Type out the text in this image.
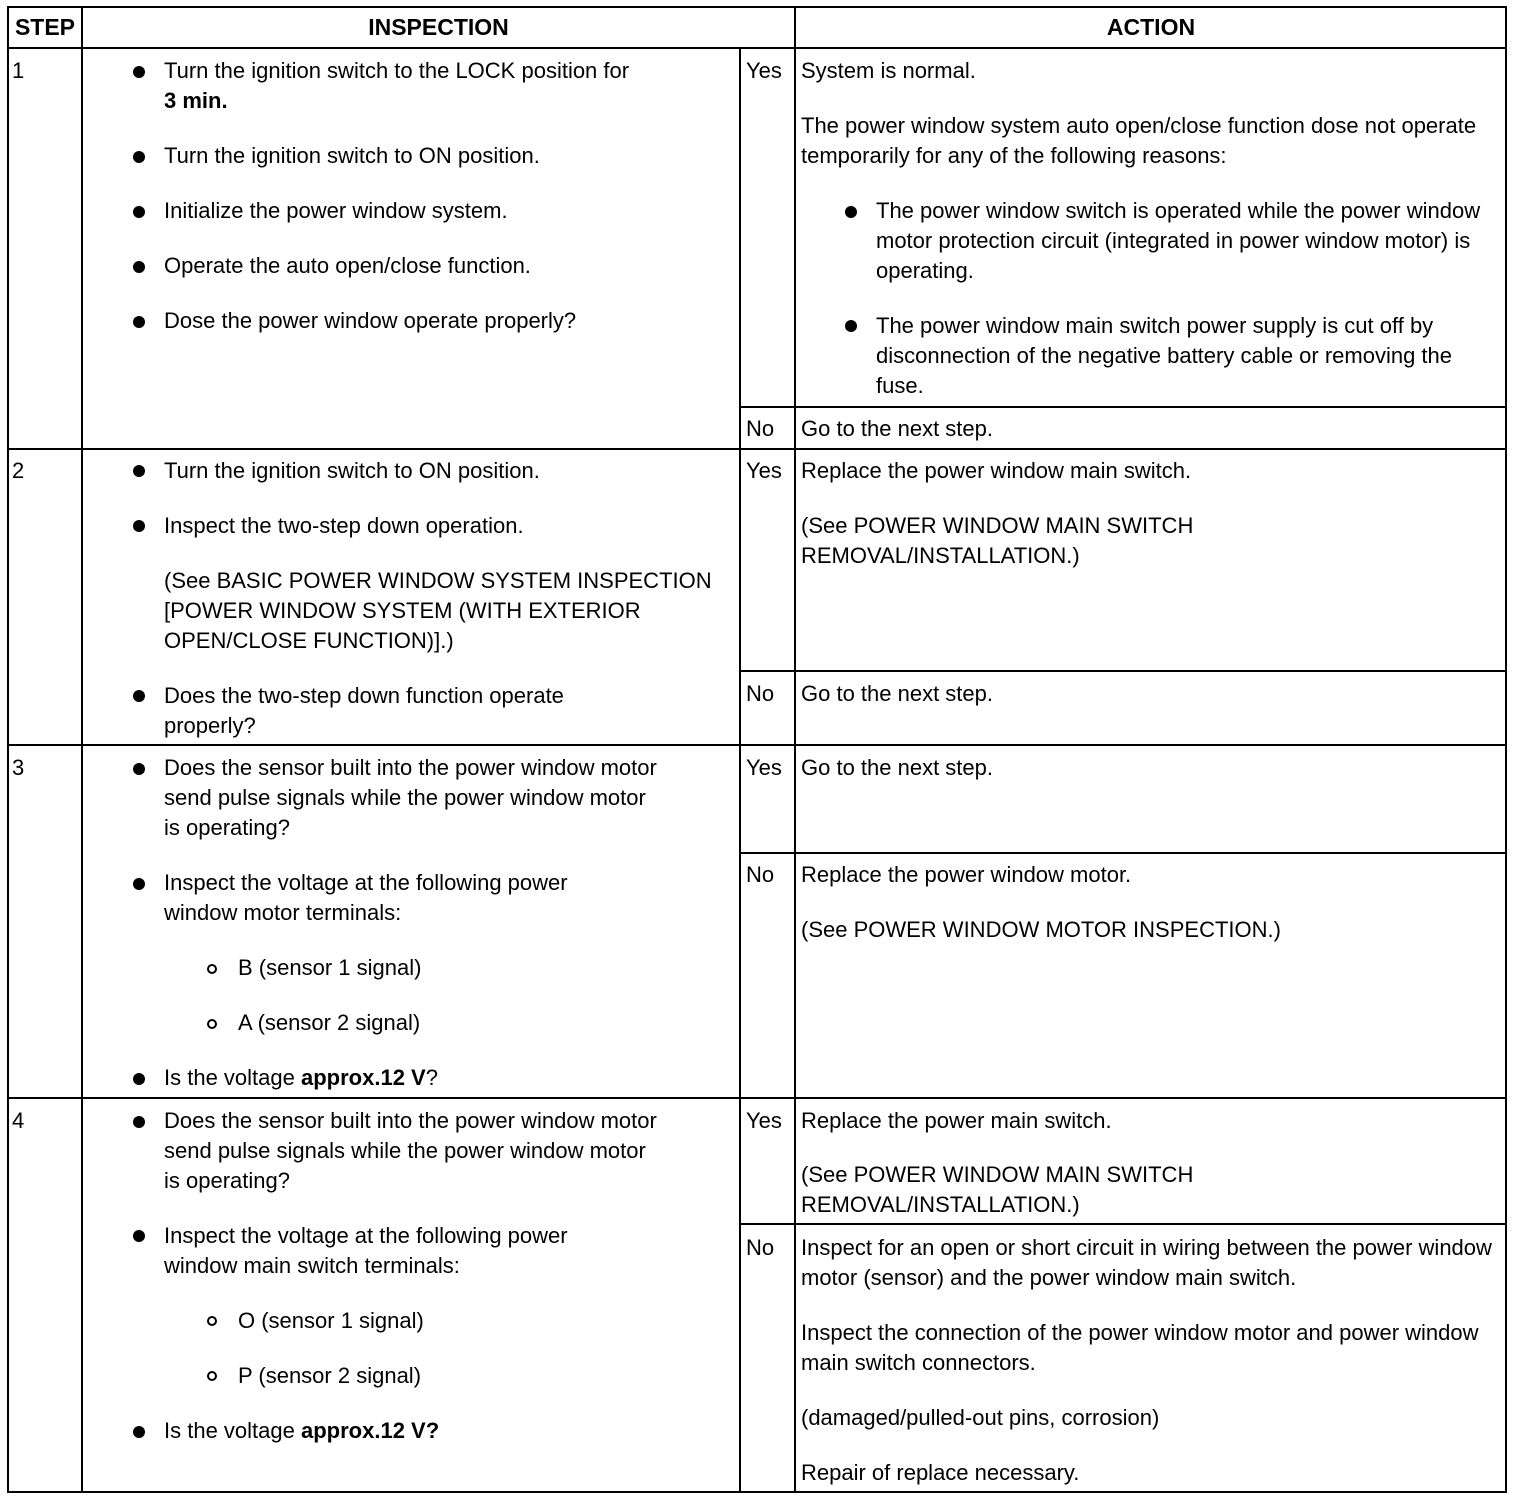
STEP	INSPECTION	ACTION
1	Turn the ignition switch to the LOCK position for
3 min.
Turn the ignition switch to ON position.
Initialize the power window system.
Operate the auto open/close function.
Dose the power window operate properly?
Yes System is normal.
The power window system auto open/close function dose not operate temporarily for any of the following reasons:
The power window switch is operated while the power window motor protection circuit (integrated in power window motor) is operating.
The power window main switch power supply is cut off by disconnection of the negative battery cable or removing the fuse.
No Go to the next step.
2	Turn the ignition switch to ON position.
Inspect the two-step down operation.
(See BASIC POWER WINDOW SYSTEM INSPECTION [POWER WINDOW SYSTEM (WITH EXTERIOR OPEN/CLOSE FUNCTION)].)
Does the two-step down function operate properly?
Yes Replace the power window main switch.
(See POWER WINDOW MAIN SWITCH REMOVAL/INSTALLATION.)
No Go to the next step.
3	Does the sensor built into the power window motor send pulse signals while the power window motor is operating?
Inspect the voltage at the following power window motor terminals:
B (sensor 1 signal)
A (sensor 2 signal)
Is the voltage approx.12 V?
Yes Go to the next step.
No Replace the power window motor.
(See POWER WINDOW MOTOR INSPECTION.)
4	Does the sensor built into the power window motor send pulse signals while the power window motor is operating?
Inspect the voltage at the following power window main switch terminals:
O (sensor 1 signal)
P (sensor 2 signal)
Is the voltage approx.12 V?
Yes Replace the power main switch.
(See POWER WINDOW MAIN SWITCH REMOVAL/INSTALLATION.)
No Inspect for an open or short circuit in wiring between the power window motor (sensor) and the power window main switch.
Inspect the connection of the power window motor and power window main switch connectors.
(damaged/pulled-out pins, corrosion)
Repair of replace necessary.
